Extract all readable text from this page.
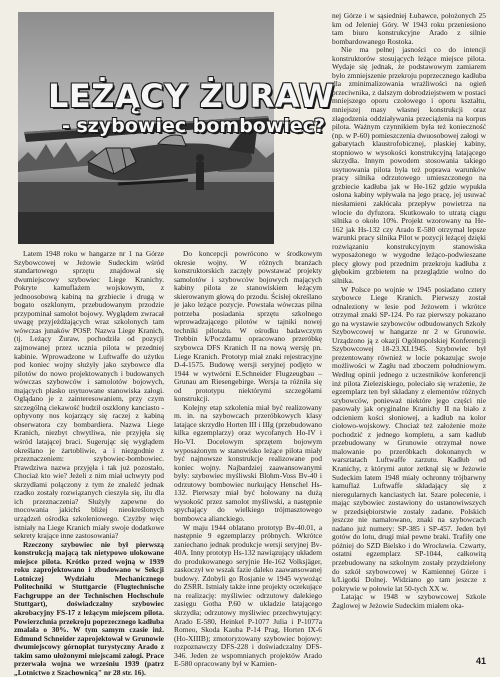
LEŻĄCY ŻURAW
- szybowiec bombowiec?

Latem 1948 roku w hangarze nr 1 na Górze Szybowcowej w Jeżowie Sudeckim wśród standartowego sprzętu znajdował się dwumiejscowy szybowiec Liege Kranichy. Pokryte kamuflażem wojskowym, z jednoosobową kabiną na grzbiecie i drugą w bogato oszklonym, przebudowanym przodzie przypominał samolot bojowy. Wyglądem zwracał uwagę przyjeżdżających wraz szkolonych tam wówczas junaków POSP. Nazwa Liege Kranich, (tj. Leżący Żuraw, pochodziła od pozycji zajmowanej przez ucznia pilota w przedniej kabinie. Wprowadzone w Luftwaffe do użytku pod koniec wojny służyły jako szybowce dla pilotów do nowo projektowanych i budowanych wówczas szybowców i samolotów bojowych, mających płasko usytuowane stanowiska załogi. Oglądano je z zainteresowaniem, przy czym szczególną ciekawość budził oszklony kanciasto - ophyvony nos kojarzący się raczej z kabiną obserwatora czy bombardiera. Nazwa Liege Kranich, niezbyt chwytliwa, nie przyjęła się wśród latającej braci. Sugerując się wyglądem określano je żartobliwie, a i niezgodnie z przeznaczeniem: szybowiec-bombowiec. Prawdziwa nazwa przyjęła i tak już pozostało, Chociaż kto wie? Jeżeli z nim miał uchwyty pod skrzydłami połączony z tym że znaleźć jednak rzadko zostały rozwiązanych cieszyła się, ilu dla ich przeznaczenia? Służyły zapewne do mocowania jakichś bliżej nieokreślonych urządzeń ośrodka szkoleniowego. Czyżby więc istniały na Liege Kranich miały swoje dodatkowe sekrety krające inne zastosowania?

Rzeczony szybowiec nie był pierwszą konstrukcją mającą tak nietypowo ulokowane miejsce pilota. Krótko przed wojną w 1939 roku zaprojektowano i zbudowano w Sekcji Lotniczej Wydziału Mechanicznego Politechniki w Stuttgarcie (Flugtechnische Fachgruppe an der Technischen Hochschule Stuttgart), doświadczalny szybowiec akrobacyjny FS-17 z leżącym miejscem pilota. Powierzchnia przekroju poprzecznego kadłuba zmalała o 30%. W tym samym czasie inż. Edmund Schneider zaprojektował w Grunowie dwumiejscowy górnopłat turystyczny Arado z takim samo ułożonymi miejscami załogi. Prace przerwała wojna we wrześniu 1939 (patrz „Lotnictwo z Szachownicą" nr 28 str. 16).

Do koncepcji powrócono w środkowym okresie wojny. W różnych branżach konstruktorskich zaczęły powstawać projekty samolotów i szybowców bojowych mających kabiny pilota ze stanowiskiem leżącym skierowanym głową do przodu. Ścisłej określano je jako leżące pozycje. Powstała wówczas pilna potrzeba posiadania sprzętu szkolnego wprowadzającego pilotów w tajniki nowej techniki pilotażu. W ośrodku badawczym Trebbin k/Poczdamu opracowano przeróbkę szybowca DFS Kranich II na nową wersję pn. Liege Kranich. Prototyp miał znaki rejestracyjne D-4-1575. Budowę wersji seryjnej podjęto w 1944 w wytwórni E.Schneider Flugzeugbau – Grunau am Riesengebirge. Wersja ta różniła się od prototypu niektórymi szczegółami konstrukcji.

Kolejny etap szkolenia miał być realizowany m. in. na szybowcach przeróbkowych klasy latające skrzydło Horten III i IIIg (przebudowano kilka egzemplarzy) oraz wycofanych Ho-IV i Ho-VI. Docelowym sprzętem bojowym wyposażonym w stanowisko leżące pilota miały być najnowsze konstrukcje realizowane pod koniec wojny. Najbardziej zaawansowanymi były: szybowiec myśliwski Blohm-Voss Bv-40 i odrzutowy bombowiec nurkujący Henschel Hs-132. Pierwszy miał być holowany na dużą wysokość przez samolot myśliwski, a następnie spychający do wielkiego trójmasztowego bombowca alianckiego.

W maju 1944 oblatano prototyp Bv-40.01, a następnie 9 egzemplarzy próbnych. Wkrótce zaniechano jednak produkcje wersji seryjnej Bv-40A. Inny prototyp Hs-132 nawiązujący układem do produkowanego seryjnie He-162 Volksjäger, zaskoczył we wszak fazie daleko zaawansowanej budowy. Zdobyli go Rosjanie w 1945 wywożąc do ZSRR. Istniały także inne projekty oczekujące na realizację: myśliwiec odrzutowy dalekiego zasięgu Gotha P.60 w układzie latającego skrzydła; odrzutowy myśliwiec przechwytujący: Arado E-580, Heinkel P-1077 Julia i P-1077a Romeo, Skoda Kauba P-14 Prag, Horten IX-6 (Ho-XIIIB); zmotoryzowany szybowiec bojowy: rozpoznawczy DFS-228 i doświadczalny DFS-346. Jeden ze wspomnianych projektów Arado E-580 opracowany był w Kamien-

nej Górze i w sąsiedniej Łubawce, położonych 25 km od Jeleniej Góry. W 1943 roku przeniesiono tam biuro konstrukcyjne Arado z silnie bombardowanego Rostoka.

Nie ma pełnej jasności co do intencji konstruktorów stosujących leżące miejsce pilota. Wydaje się jednak, że podstawowym zamiarem było zmniejszenie przekroju poprzecznego kadłuba dla zminimalizowania wrażliwości na ogień przeciwnika, z dalszym dobrodziejstwem w postaci mniejszego oporu czołowego i oporu kształtu, mniejszej masy własnej konstrukcji oraz złagodzenia oddziaływania przeciążenia na korpus pilota. Ważnym czynnikiem była też konieczność (np. w P-60) pomieszczenia dwuosobowej załogi w gabarytach klaustrofobicznej, płaskiej kabiny, stopniowo w wysokości konstrukcyjną latającego skrzydła. Innym powodem stosowania takiego usytuowania pilota była też poprawa warunków pracy silnika odrzutowego umieszczonego na grzbiecie kadłuba jak w He-162 gdzie wypukła osłona kabiny wpływała na jego pracę, jej usuwać niesłamieni zakłócała przepływ powietrza na wlocie do dyfuzora. Skutkowało to utratą ciągu silnika o około 10%. Projekt wzorowany na He-162 jak Hs-132 czy Arado E-580 otrzymał lepsze warunki pracy silnika Pilot w pozycji leżącej dzięki rozwiązaniu konstrukcyjnym stanowiska wyposażonego w wygodne leżąco-podwieszane plecy głowy pod przednim przekroju kadłuba z głębokim grzbietem na przeglądzie wolno do silnika.

W Polsce po wojnie w 1945 posiadano cztery szybowce Liege Kranich. Pierwszy został odnaleziony w lesie pod Jeżowem i wkrótce otrzymał znaki SP-124. Po raz pierwszy pokazano go na wystawie szybowców odbudowanych Szkoły Szybowcowej w hangarze nr 2 w Grunowie. Urządzono ją z okazji Ogólnopolskiej Konferencji Szybowcowej 18-23.XI.1945. Szybowiec był prezentowany również w locie pokazując swoje możliwości w Zagłu nad zboczem południowym. Według opinii jednego z uczestników konferencji inż pilota Zieleziskiego, poleciało się wrażenie, że egzemplarz ten był składany z elementów różnych szybowców, ponieważ niektóre jego części nie pasowały jak oryginalne Kranichy II na biało z odcieniem kości słoniowej, a kadłub na kolor ciołowo-wojskowy. Chociaż też założenie może pochodzić z jednego kompletu, a sam kadłub przebudowany w Grunowie otrzymał nowe malowanie po przeróbkach dokonanych w warsztatach Luftwaffe zarzutu. Kadłub od Kranichy, z którymi autor zetknął się w Jeżowie Sudeckim latem 1948 miały ochronny trójbarwny kamuflaż Luftwaffe składający się z nieregularnych kanciastych łat. Szare polecenie, i mając szybowiec zostawiony do ustanowiwszych w przedsiębiorstwie zostały zadane. Polskich jeszcze nie namalowano, znaki na szybowcach nadano już numery: SP-385 i SP-457. Jeden był gotów do lotu, drugi miał pewne braki. Trafiły one później do SZD Bielsko i do Wrocławia. Czwarty, ostatni egzemplarz SP-1044, całkowitą przebudowany na szkolnym zostały przydzielony do szkół szybowcowej w Kamiennej Górze i k/Ligotki Dolnej. Widziano go tam jeszcze z pokrywie w połowie lat 50-tych XX w.

Latając w 1948 w szybowcowej Szkole Żaglowej w Jeżowie Sudeckim miałem oka-

41
